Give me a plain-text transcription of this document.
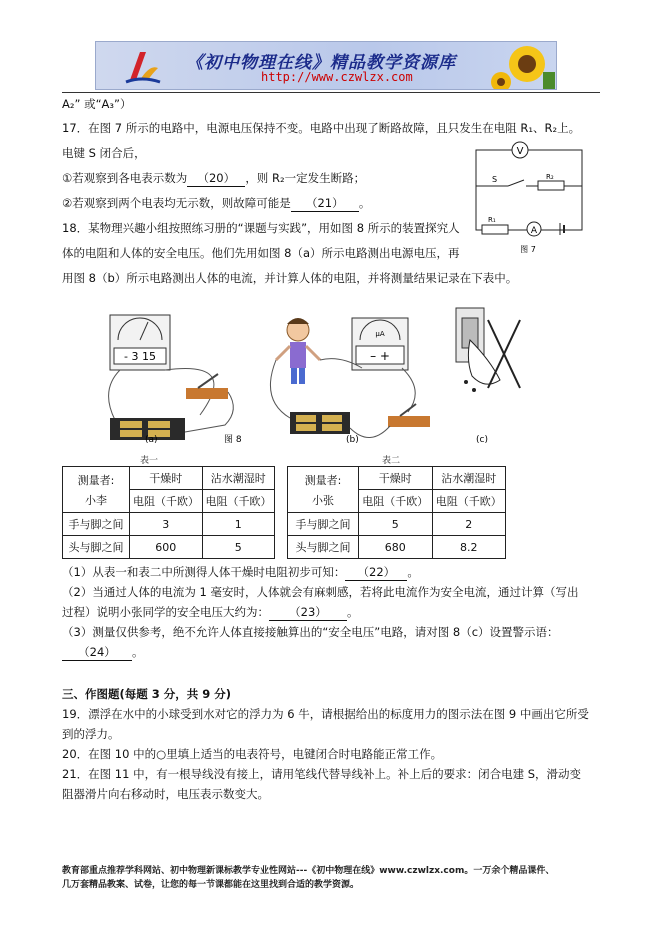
《初中物理在线》精品教学资源库
http://www.czwlzx.com
A₂” 或“A₃”）
17．在图 7 所示的电路中，电源电压保持不变。电路中出现了断路故障，且只发生在电阻 R₁、R₂上。
电键 S 闭合后，
①若观察到各电表示数为 （20） ，则 R₂一定发生断路；
②若观察到两个电表均无示数，则故障可能是 （21） 。
V
S	R₂
R₁
A
图 7
18．某物理兴趣小组按照练习册的“课题与实践”，用如图 8 所示的装置探究人
体的电阻和人体的安全电压。他们先用如图 8（a）所示电路测出电源电压，再
用图 8（b）所示电路测出人体的电流，并计算人体的电阻，并将测量结果记录在下表中。
- 3 15
(a)	图 8
μA
– +
(b)	(c)
表一	表二
测量者:
小李	干燥时	沾水潮湿时
	电阻（千欧）	电阻（千欧）
手与脚之间	3	1
头与脚之间	600	5
测量者:
小张	干燥时	沾水潮湿时
	电阻（千欧）	电阻（千欧）
手与脚之间	5	2
头与脚之间	680	8.2
（1）从表一和表二中所测得人体干燥时电阻初步可知： （22） 。
（2）当通过人体的电流为 1 毫安时，人体就会有麻刺感，若将此电流作为安全电流，通过计算（写出
过程）说明小张同学的安全电压大约为： （23） 。
（3）测量仅供参考，绝不允许人体直接接触算出的“安全电压”电路，请对图 8（c）设置警示语：
（24） 。
三、作图题(每题 3 分，共 9 分)
19．漂浮在水中的小球受到水对它的浮力为 6 牛，请根据给出的标度用力的图示法在图 9 中画出它所受
到的浮力。
20．在图 10 中的○里填上适当的电表符号，电键闭合时电路能正常工作。
21．在图 11 中，有一根导线没有接上，请用笔线代替导线补上。补上后的要求：闭合电建 S，滑动变
阻器滑片向右移动时，电压表示数变大。
教育部重点推荐学科网站、初中物理新课标教学专业性网站---《初中物理在线》www.czwlzx.com。一万余个精品课件、
几万套精品教案、试卷，让您的每一节课都能在这里找到合适的教学资源。
